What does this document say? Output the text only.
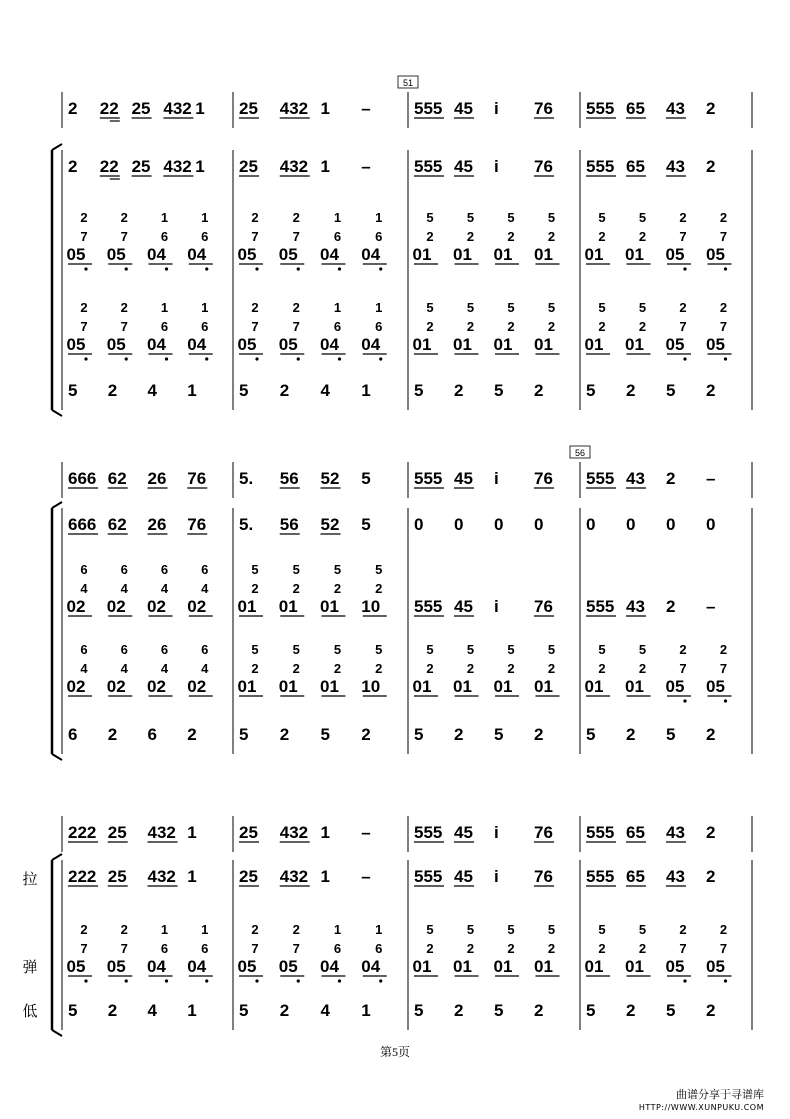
51
2 22 25 432 1 25 432 1 –	555 45 i 76 555 65 43 2
2 22 25 432 1 25 432 1 –	555 45 i 76 555 65 43 2
2
7
05
2
7
05
1
6
04
1
6
04
2
7
05
2
7
05
1
6
04
1
6
04
5
2
01
5
2
01
5
2
01
5
2
01
5
2
01
5
2
01
2
7
05
2
7
05
2
7
05
2
7
05
1
6
04
1
6
04
2
7
05
2
7
05
1
6
04
1
6
04
5
2
01
5
2
01
5
2
01
5
2
01
5
2
01
5
2
01
2
7
05
2
7
05
5 2 4 1 5 2 4 1	5 2 5 2	5 2 5 2
56
666 62 26 76 5. 56 52 5	555 45 i 76 555 43 2 –
666 62 26 76 5. 56 52 5	0 0 0 0	0 0 0 0
6
4
02
6
4
02
6
4
02
6
4
02
5
2
01
5
2
01
5
2
01
5
2
10 555 45 i 76 555 43 2 –
6
4
02
6
4
02
6
4
02
6
4
02
5
2
01
5
2
01
5
2
01
5
2
10
5
2
01
5
2
01
5
2
01
5
2
01
5
2
01
5
2
01
2
7
05
2
7
05
6 2 6 2 5 2 5 2	5 2 5 2	5 2 5 2
222 25 432 1 25 432 1 –	555 45 i 76 555 65 43 2
222 25 432 1 25 432 1 –	555 45 i 76 555 65 43 2
2
7
05
2
7
05
1
6
04
1
6
04
2
7
05
2
7
05
1
6
04
1
6
04
5
2
01
5
2
01
5
2
01
5
2
01
5
2
01
5
2
01
2
7
05
2
7
05
5 2 4 1 5 2 4 1	5 2 5 2	5 2 5 2
拉
弹
低
第5页
曲谱分享于寻谱库
HTTP://WWW.XUNPUKU.COM
